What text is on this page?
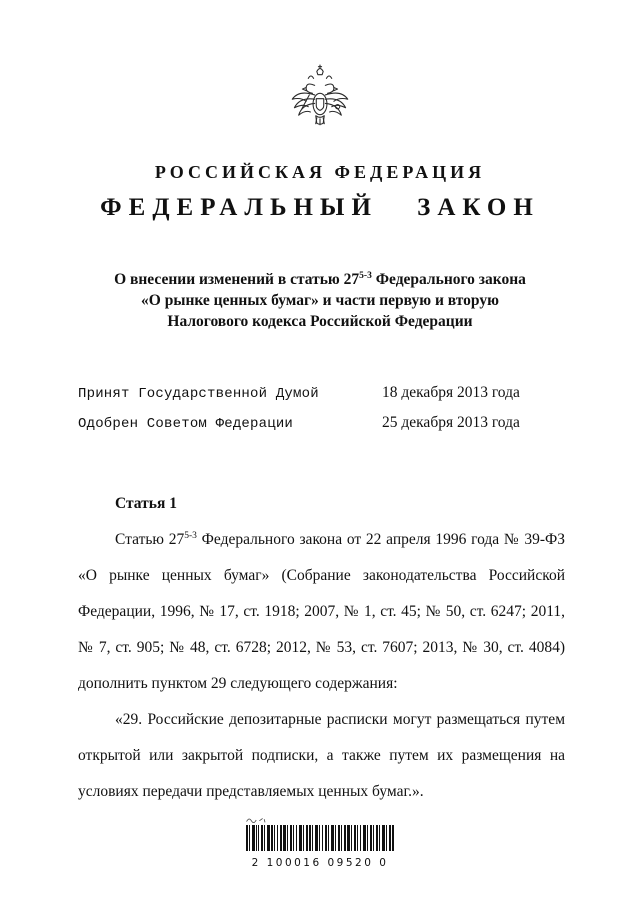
РОССИЙСКАЯ ФЕДЕРАЦИЯ
ФЕДЕРАЛЬНЫЙ ЗАКОН
О внесении изменений в статью 27$^{5-3}$ Федерального закона
«О рынке ценных бумаг» и части первую и вторую
Налогового кодекса Российской Федерации
Принят Государственной Думой	18 декабря 2013 года
Одобрен Советом Федерации	25 декабря 2013 года
Статья 1
Статью 27$^{5-3}$ Федерального закона от 22 апреля 1996 года № 39-ФЗ «О рынке ценных бумаг» (Собрание законодательства Российской Федерации, 1996, № 17, ст. 1918; 2007, № 1, ст. 45; № 50, ст. 6247; 2011, № 7, ст. 905; № 48, ст. 6728; 2012, № 53, ст. 7607; 2013, № 30, ст. 4084) дополнить пунктом 29 следующего содержания:
«29. Российские депозитарные расписки могут размещаться путем открытой или закрытой подписки, а также путем их размещения на условиях передачи представляемых ценных бумаг.».
2 100016 09520 0
